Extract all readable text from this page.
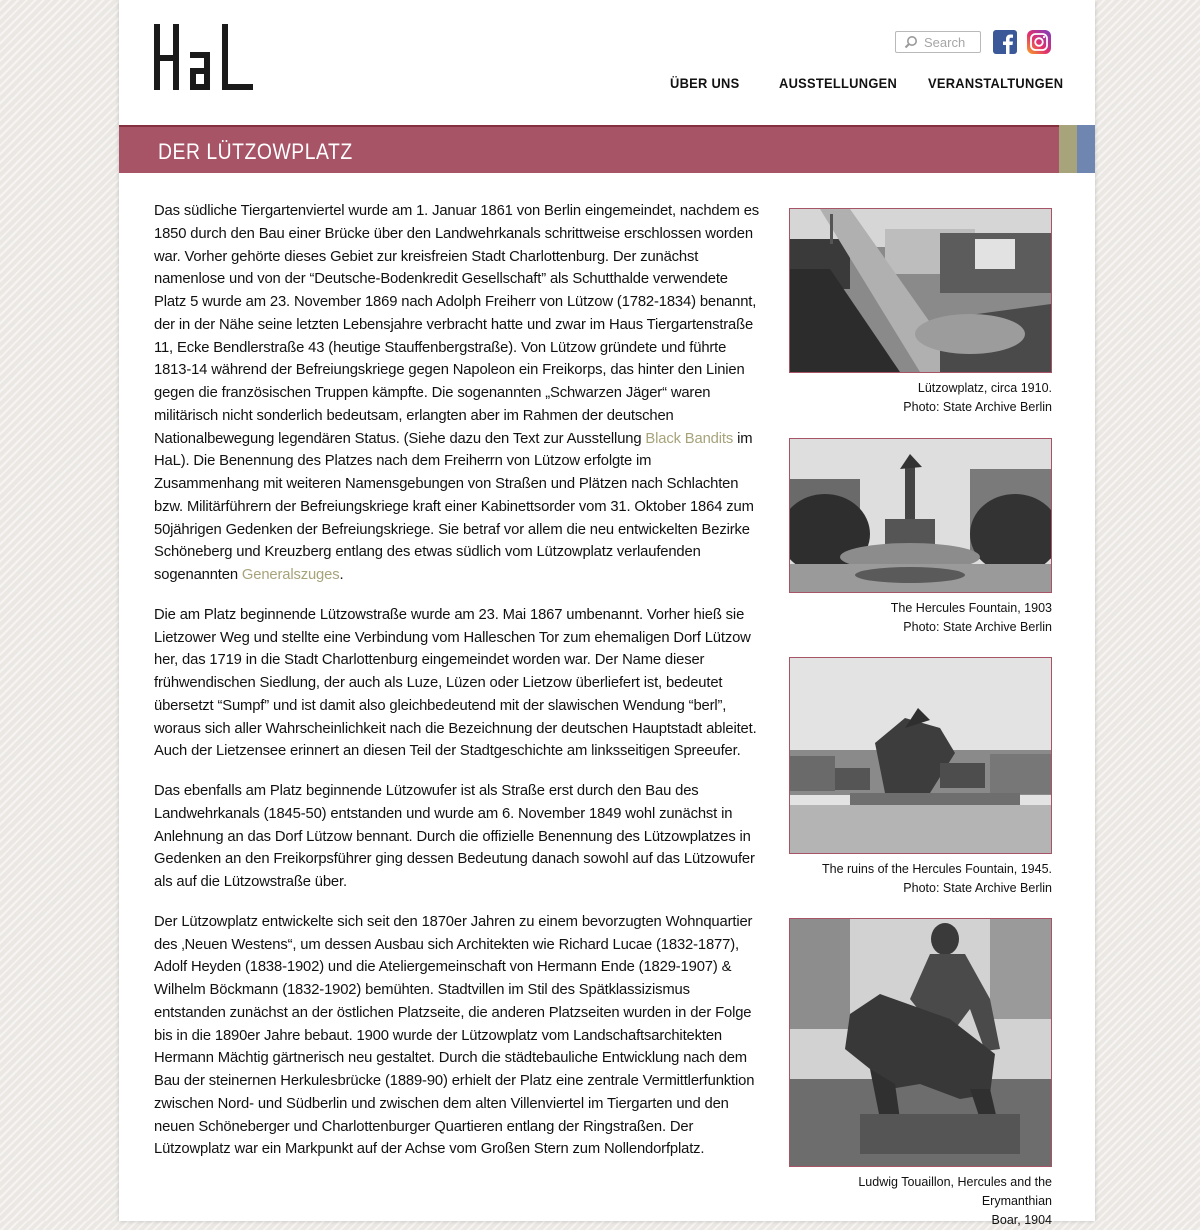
Search
ÜBER UNS	AUSSTELLUNGEN VERANSTALTUNGEN
DER LÜTZOWPLATZ

Das südliche Tiergartenviertel wurde am 1. Januar 1861 von Berlin eingemeindet, nachdem es 1850 durch den Bau einer Brücke über den Landwehrkanals schrittweise erschlossen worden war. Vorher gehörte dieses Gebiet zur kreisfreien Stadt Charlottenburg. Der zunächst namenlose und von der “Deutsche-Bodenkredit Gesellschaft” als Schutthalde verwendete Platz 5 wurde am 23. November 1869 nach Adolph Freiherr von Lützow (1782-1834) benannt, der in der Nähe seine letzten Lebensjahre verbracht hatte und zwar im Haus Tiergartenstraße 11, Ecke Bendlerstraße 43 (heutige Stauffenbergstraße). Von Lützow gründete und führte 1813-14 während der Befreiungskriege gegen Napoleon ein Freikorps, das hinter den Linien gegen die französischen Truppen kämpfte. Die sogenannten „Schwarzen Jäger“ waren militärisch nicht sonderlich bedeutsam, erlangten aber im Rahmen der deutschen Nationalbewegung legendären Status. (Siehe dazu den Text zur Ausstellung Black Bandits im HaL). Die Benennung des Platzes nach dem Freiherrn von Lützow erfolgte im Zusammenhang mit weiteren Namensgebungen von Straßen und Plätzen nach Schlachten bzw. Militärführern der Befreiungskriege kraft einer Kabinettsorder vom 31. Oktober 1864 zum 50jährigen Gedenken der Befreiungskriege. Sie betraf vor allem die neu entwickelten Bezirke Schöneberg und Kreuzberg entlang des etwas südlich vom Lützowplatz verlaufenden sogenannten Generalszuges.

Die am Platz beginnende Lützowstraße wurde am 23. Mai 1867 umbenannt. Vorher hieß sie Lietzower Weg und stellte eine Verbindung vom Halleschen Tor zum ehemaligen Dorf Lützow her, das 1719 in die Stadt Charlottenburg eingemeindet worden war. Der Name dieser frühwendischen Siedlung, der auch als Luze, Lüzen oder Lietzow überliefert ist, bedeutet übersetzt “Sumpf” und ist damit also gleichbedeutend mit der slawischen Wendung “berl”, woraus sich aller Wahrscheinlichkeit nach die Bezeichnung der deutschen Hauptstadt ableitet. Auch der Lietzensee erinnert an diesen Teil der Stadtgeschichte am linksseitigen Spreeufer.

Das ebenfalls am Platz beginnende Lützowufer ist als Straße erst durch den Bau des Landwehrkanals (1845-50) entstanden und wurde am 6. November 1849 wohl zunächst in Anlehnung an das Dorf Lützow bennant. Durch die offizielle Benennung des Lützowplatzes in Gedenken an den Freikorpsführer ging dessen Bedeutung danach sowohl auf das Lützowufer als auf die Lützowstraße über.

Der Lützowplatz entwickelte sich seit den 1870er Jahren zu einem bevorzugten Wohnquartier des ‚Neuen Westens“, um dessen Ausbau sich Architekten wie Richard Lucae (1832-1877), Adolf Heyden (1838-1902) und die Ateliergemeinschaft von Hermann Ende (1829-1907) & Wilhelm Böckmann (1832-1902) bemühten. Stadtvillen im Stil des Spätklassizismus entstanden zunächst an der östlichen Platzseite, die anderen Platzseiten wurden in der Folge bis in die 1890er Jahre bebaut. 1900 wurde der Lützowplatz vom Landschaftsarchitekten Hermann Mächtig gärtnerisch neu gestaltet. Durch die städtebauliche Entwicklung nach dem Bau der steinernen Herkulesbrücke (1889-90) erhielt der Platz eine zentrale Vermittlerfunktion zwischen Nord- und Südberlin und zwischen dem alten Villenviertel im Tiergarten und den neuen Schöneberger und Charlottenburger Quartieren entlang der Ringstraßen. Der Lützowplatz war ein Markpunkt auf der Achse vom Großen Stern zum Nollendorfplatz.

Lützowplatz, circa 1910.
Photo: State Archive Berlin
The Hercules Fountain, 1903
Photo: State Archive Berlin
The ruins of the Hercules Fountain, 1945.
Photo: State Archive Berlin
Ludwig Touaillon, Hercules and the Erymanthian
Boar, 1904
